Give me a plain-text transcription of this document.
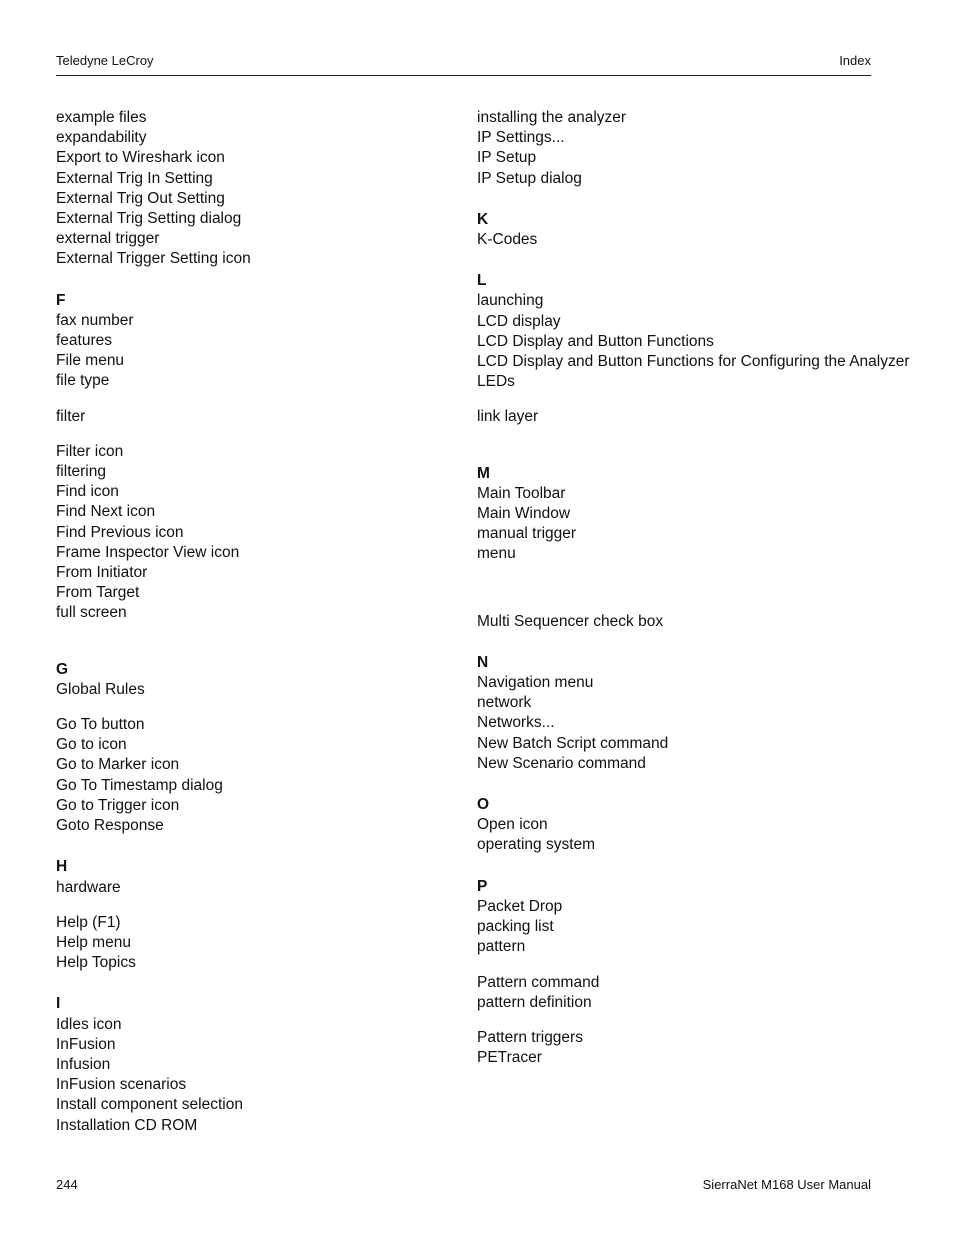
Teledyne LeCroy	Index
example files
expandability
Export to Wireshark icon
External Trig In Setting
External Trig Out Setting
External Trig Setting dialog
external trigger
External Trigger Setting icon
F
fax number
features
File menu
file type
filter
Filter icon
filtering
Find icon
Find Next icon
Find Previous icon
Frame Inspector View icon
From Initiator
From Target
full screen
G
Global Rules
Go To button
Go to icon
Go to Marker icon
Go To Timestamp dialog
Go to Trigger icon
Goto Response
H
hardware
Help (F1)
Help menu
Help Topics
I
Idles icon
InFusion
Infusion
InFusion scenarios
Install component selection
Installation CD ROM
installing the analyzer
IP Settings...
IP Setup
IP Setup dialog
K
K-Codes
L
launching
LCD display
LCD Display and Button Functions
LCD Display and Button Functions for Configuring the Analyzer
LEDs
link layer
M
Main Toolbar
Main Window
manual trigger
menu
Multi Sequencer check box
N
Navigation menu
network
Networks...
New Batch Script command
New Scenario command
O
Open icon
operating system
P
Packet Drop
packing list
pattern
Pattern command
pattern definition
Pattern triggers
PETracer
244	SierraNet M168 User Manual
